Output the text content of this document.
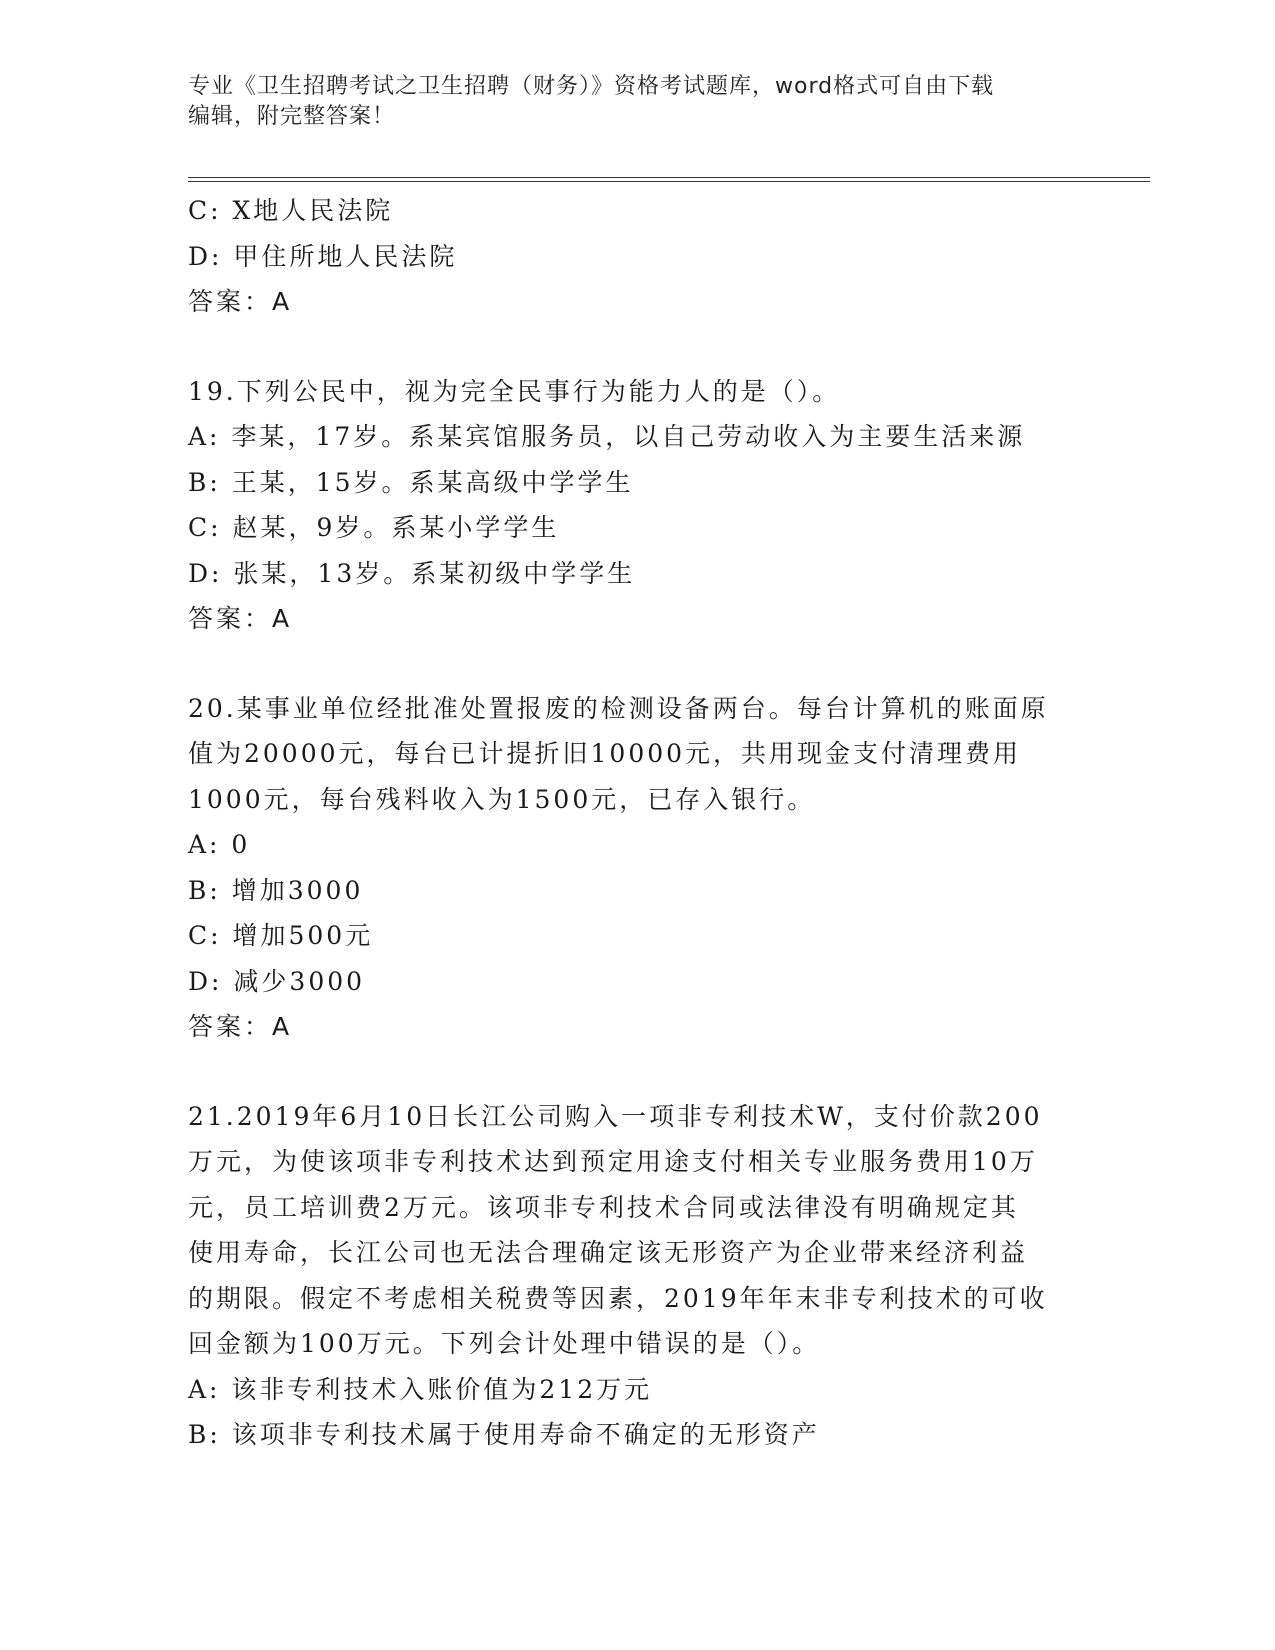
专业《卫生招聘考试之卫生招聘（财务）》资格考试题库，word格式可自由下载
编辑，附完整答案！
C: X地人民法院
D: 甲住所地人民法院
答案：A
19.下列公民中，视为完全民事行为能力人的是（）。
A: 李某，17岁。系某宾馆服务员，以自己劳动收入为主要生活来源
B: 王某，15岁。系某高级中学学生
C: 赵某，9岁。系某小学学生
D: 张某，13岁。系某初级中学学生
答案：A
20.某事业单位经批准处置报废的检测设备两台。每台计算机的账面原
值为20000元，每台已计提折旧10000元，共用现金支付清理费用
1000元，每台残料收入为1500元，已存入银行。
A: 0
B: 增加3000
C: 增加500元
D: 减少3000
答案：A
21.2019年6月10日长江公司购入一项非专利技术W，支付价款200
万元，为使该项非专利技术达到预定用途支付相关专业服务费用10万
元，员工培训费2万元。该项非专利技术合同或法律没有明确规定其
使用寿命，长江公司也无法合理确定该无形资产为企业带来经济利益
的期限。假定不考虑相关税费等因素，2019年年末非专利技术的可收
回金额为100万元。下列会计处理中错误的是（）。
A: 该非专利技术入账价值为212万元
B: 该项非专利技术属于使用寿命不确定的无形资产
